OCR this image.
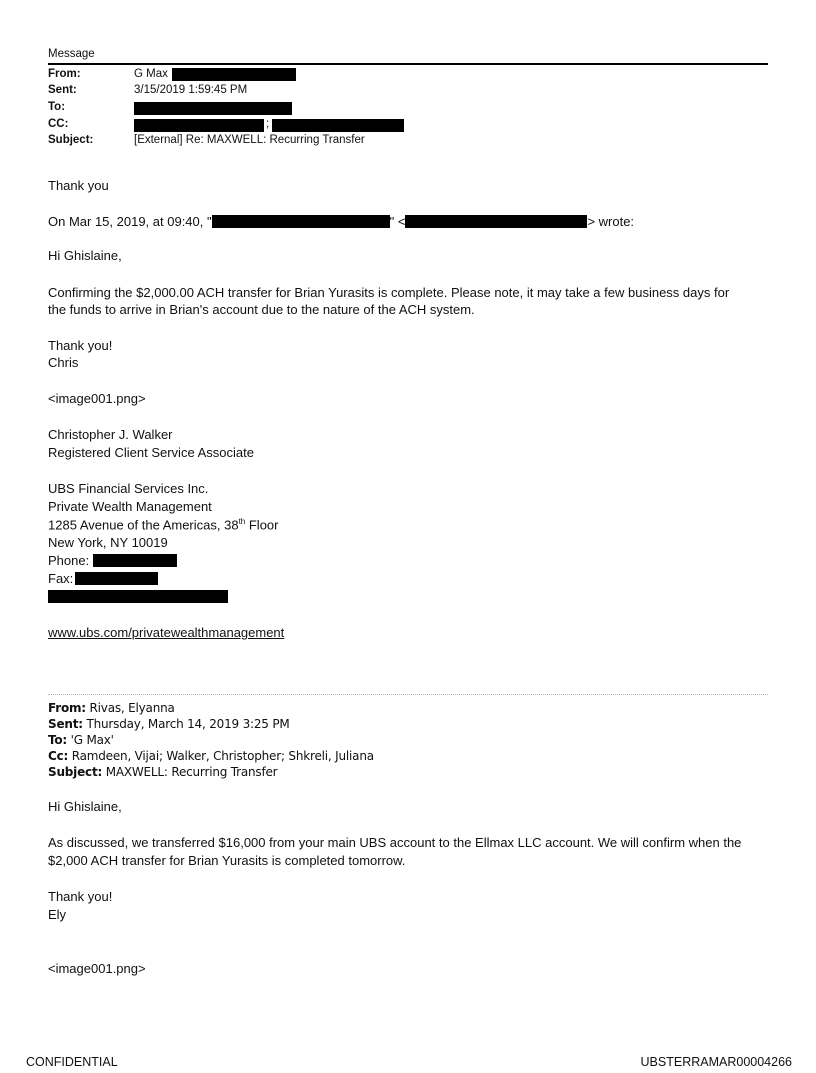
Message
From:	G Max
Sent:	3/15/2019 1:59:45 PM
To:
CC:	;
Subject:	[External] Re: MAXWELL: Recurring Transfer
Thank you
On Mar 15, 2019, at 09:40, "	" <	> wrote:
Hi Ghislaine,
Confirming the $2,000.00 ACH transfer for Brian Yurasits is complete. Please note, it may take a few business days for
the funds to arrive in Brian's account due to the nature of the ACH system.
Thank you!
Chris
<image001.png>
Christopher J. Walker
Registered Client Service Associate
UBS Financial Services Inc.
Private Wealth Management
1285 Avenue of the Americas, 38th Floor
New York, NY 10019
Phone:
Fax:
www.ubs.com/privatewealthmanagement
From: Rivas, Elyanna
Sent: Thursday, March 14, 2019 3:25 PM
To: 'G Max'
Cc: Ramdeen, Vijai; Walker, Christopher; Shkreli, Juliana
Subject: MAXWELL: Recurring Transfer
Hi Ghislaine,
As discussed, we transferred $16,000 from your main UBS account to the Ellmax LLC account. We will confirm when the
$2,000 ACH transfer for Brian Yurasits is completed tomorrow.
Thank you!
Ely
<image001.png>
CONFIDENTIAL	UBSTERRAMAR00004266
